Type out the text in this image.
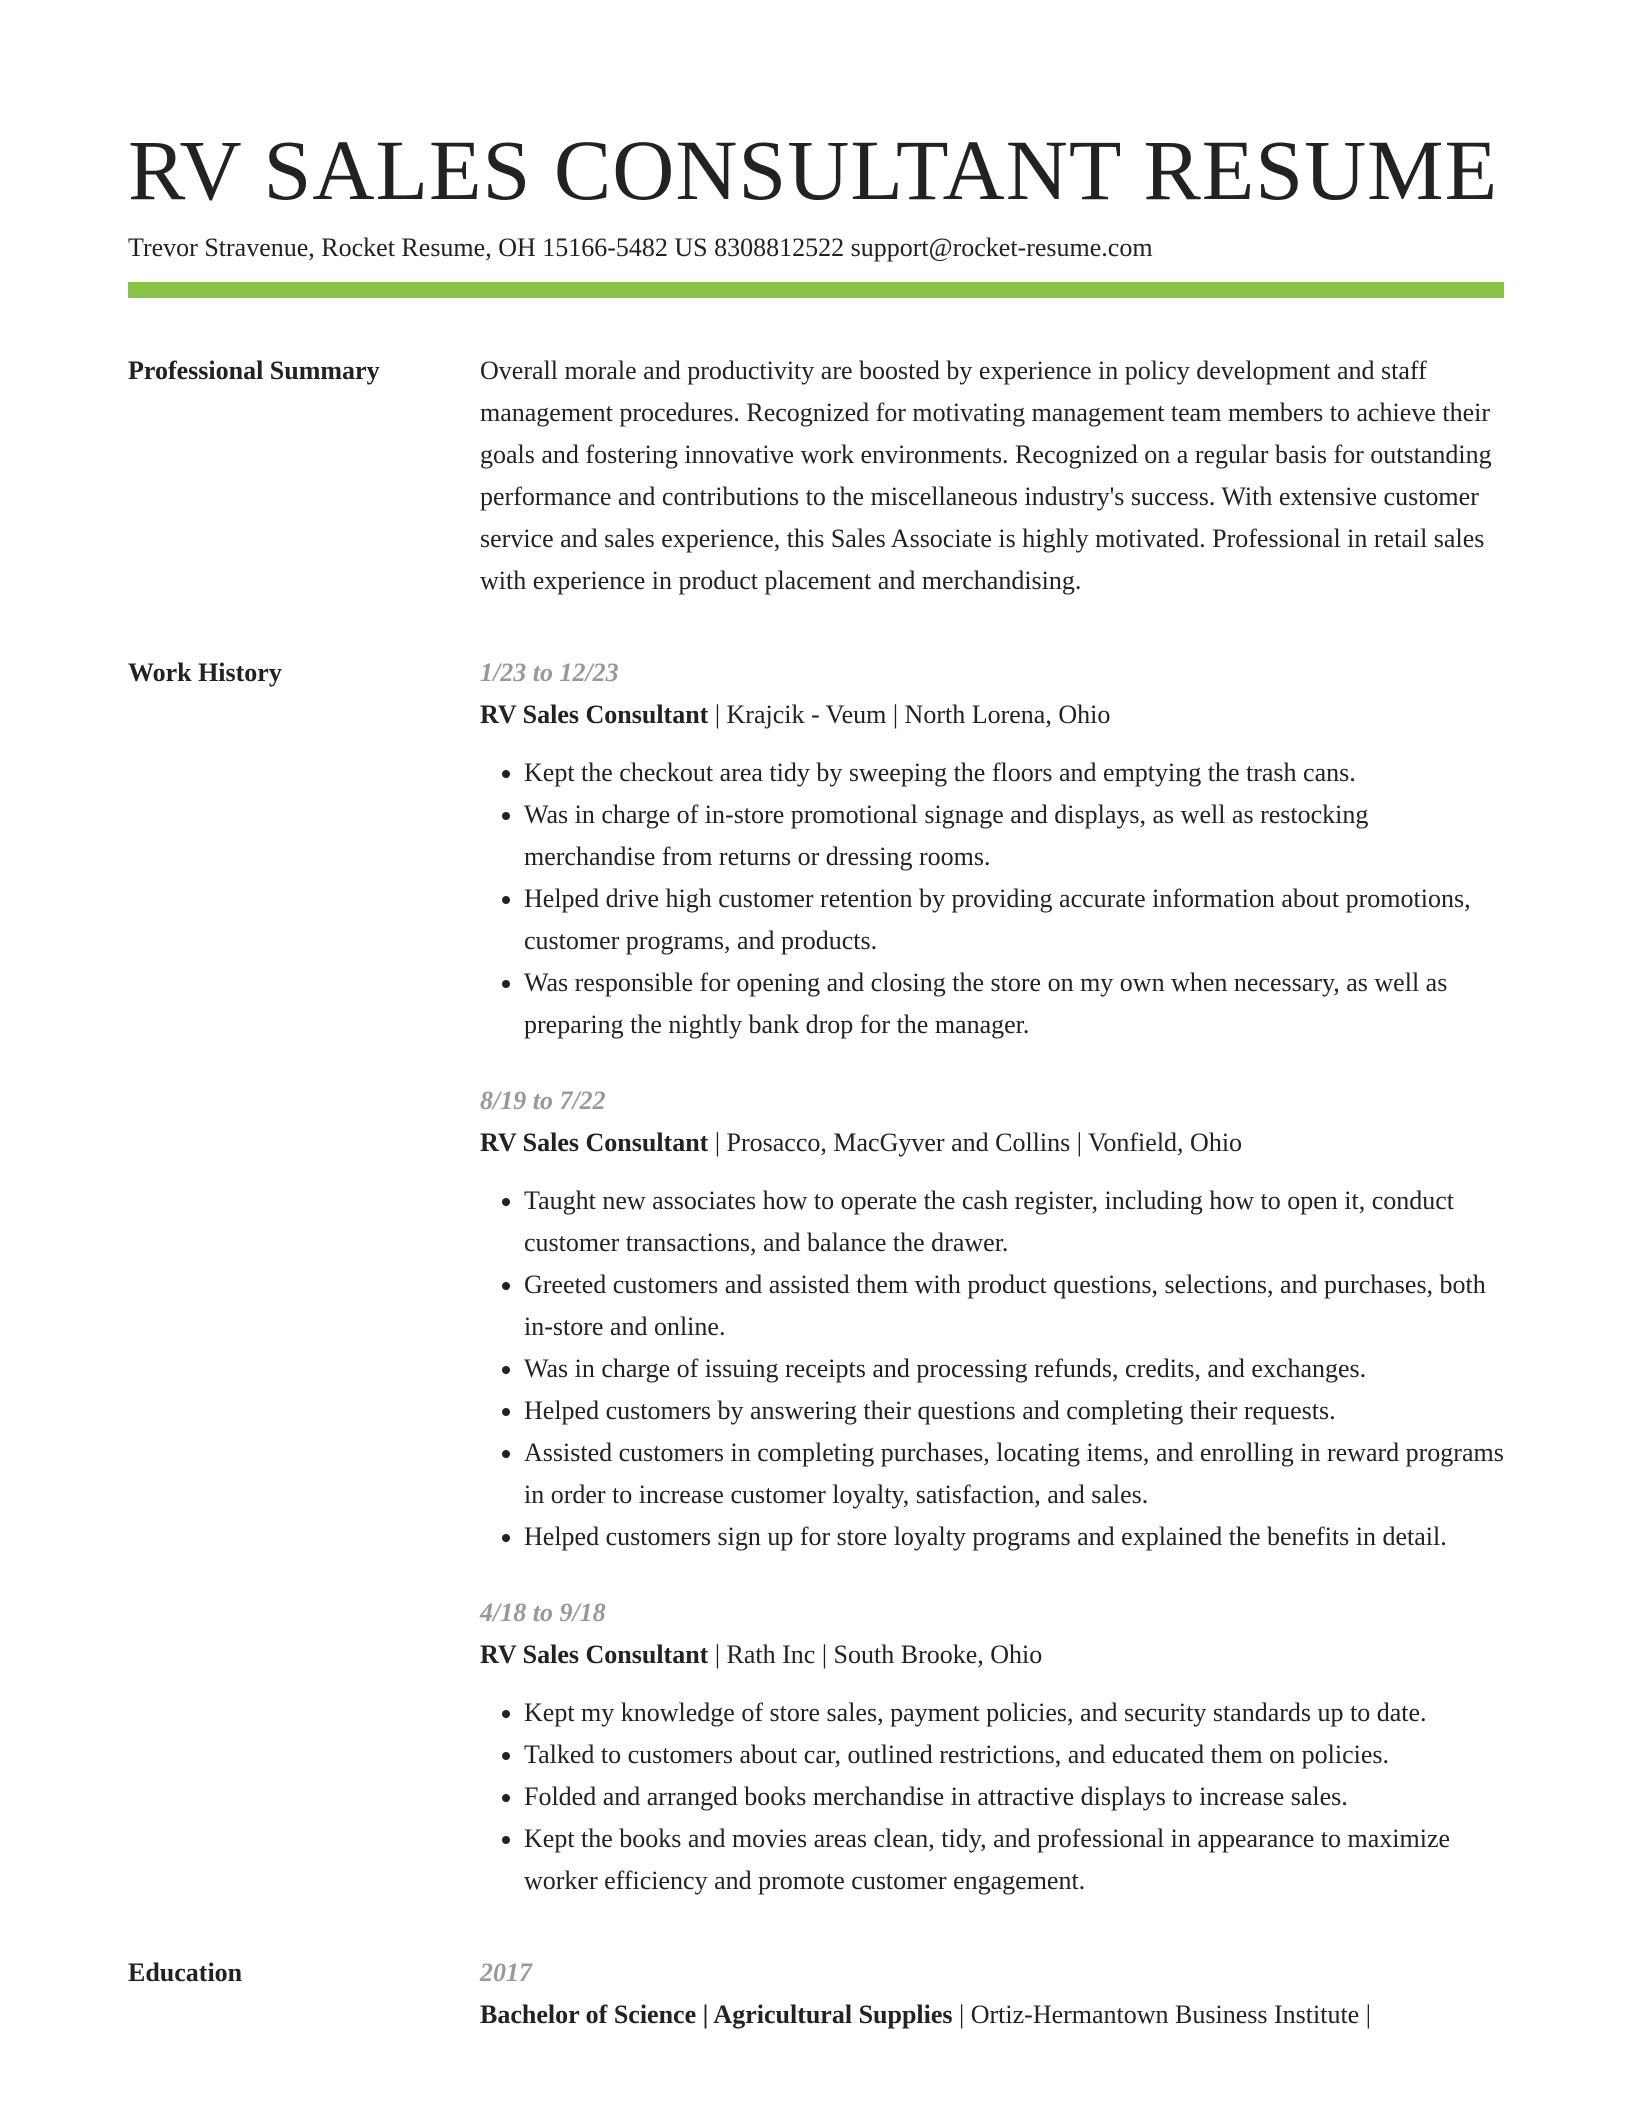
RV SALES CONSULTANT RESUME
Trevor Stravenue, Rocket Resume, OH 15166-5482 US 8308812522 support@rocket-resume.com
Professional Summary	Overall morale and productivity are boosted by experience in policy development and staff management procedures. Recognized for motivating management team members to achieve their goals and fostering innovative work environments. Recognized on a regular basis for outstanding performance and contributions to the miscellaneous industry's success. With extensive customer service and sales experience, this Sales Associate is highly motivated. Professional in retail sales with experience in product placement and merchandising.

Work History	1/23 to 12/23
RV Sales Consultant | Krajcik - Veum | North Lorena, Ohio
• Kept the checkout area tidy by sweeping the floors and emptying the trash cans.
• Was in charge of in-store promotional signage and displays, as well as restocking merchandise from returns or dressing rooms.
• Helped drive high customer retention by providing accurate information about promotions, customer programs, and products.
• Was responsible for opening and closing the store on my own when necessary, as well as preparing the nightly bank drop for the manager.
8/19 to 7/22
RV Sales Consultant | Prosacco, MacGyver and Collins | Vonfield, Ohio
• Taught new associates how to operate the cash register, including how to open it, conduct customer transactions, and balance the drawer.
• Greeted customers and assisted them with product questions, selections, and purchases, both in-store and online.
• Was in charge of issuing receipts and processing refunds, credits, and exchanges.
• Helped customers by answering their questions and completing their requests.
• Assisted customers in completing purchases, locating items, and enrolling in reward programs in order to increase customer loyalty, satisfaction, and sales.
• Helped customers sign up for store loyalty programs and explained the benefits in detail.
4/18 to 9/18
RV Sales Consultant | Rath Inc | South Brooke, Ohio
• Kept my knowledge of store sales, payment policies, and security standards up to date.
• Talked to customers about car, outlined restrictions, and educated them on policies.
• Folded and arranged books merchandise in attractive displays to increase sales.
• Kept the books and movies areas clean, tidy, and professional in appearance to maximize worker efficiency and promote customer engagement.
Education	2017
Bachelor of Science | Agricultural Supplies | Ortiz-Hermantown Business Institute |
